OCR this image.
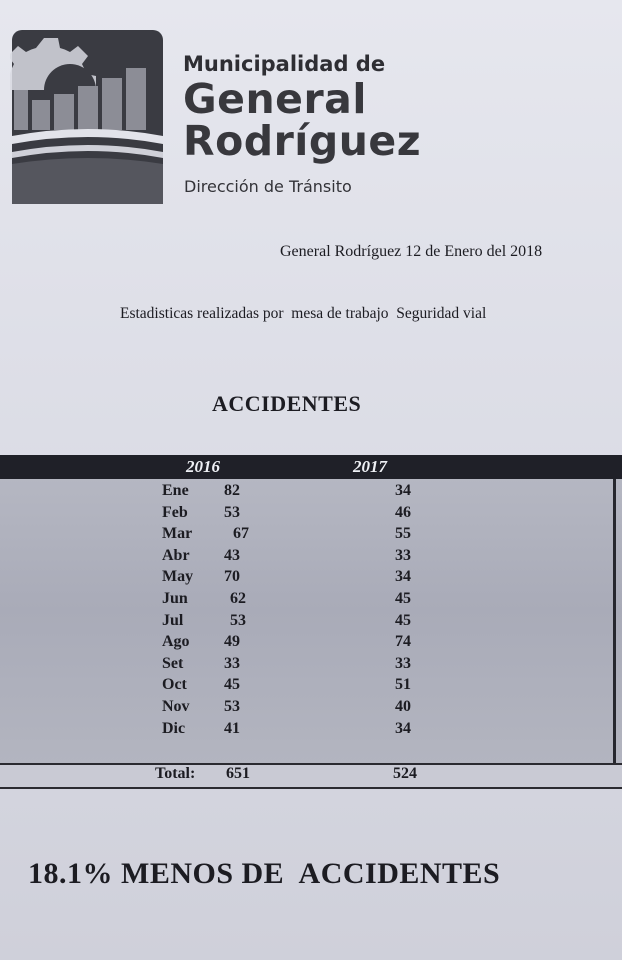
Municipalidad de
General
Rodríguez
Dirección de Tránsito
General Rodríguez 12 de Enero del 2018
Estadisticas realizadas por  mesa de trabajo  Seguridad vial
ACCIDENTES
2016	2017
Ene 82	34
Feb 53	46
Mar	67	55
Abr 43	33
May 70	34
Jun	62	45
Jul	53	45
Ago 49	74
Set	33	33
Oct 45	51
Nov 53	40
Dic 41	34
Total: 651	524
18.1% MENOS DE  ACCIDENTES
